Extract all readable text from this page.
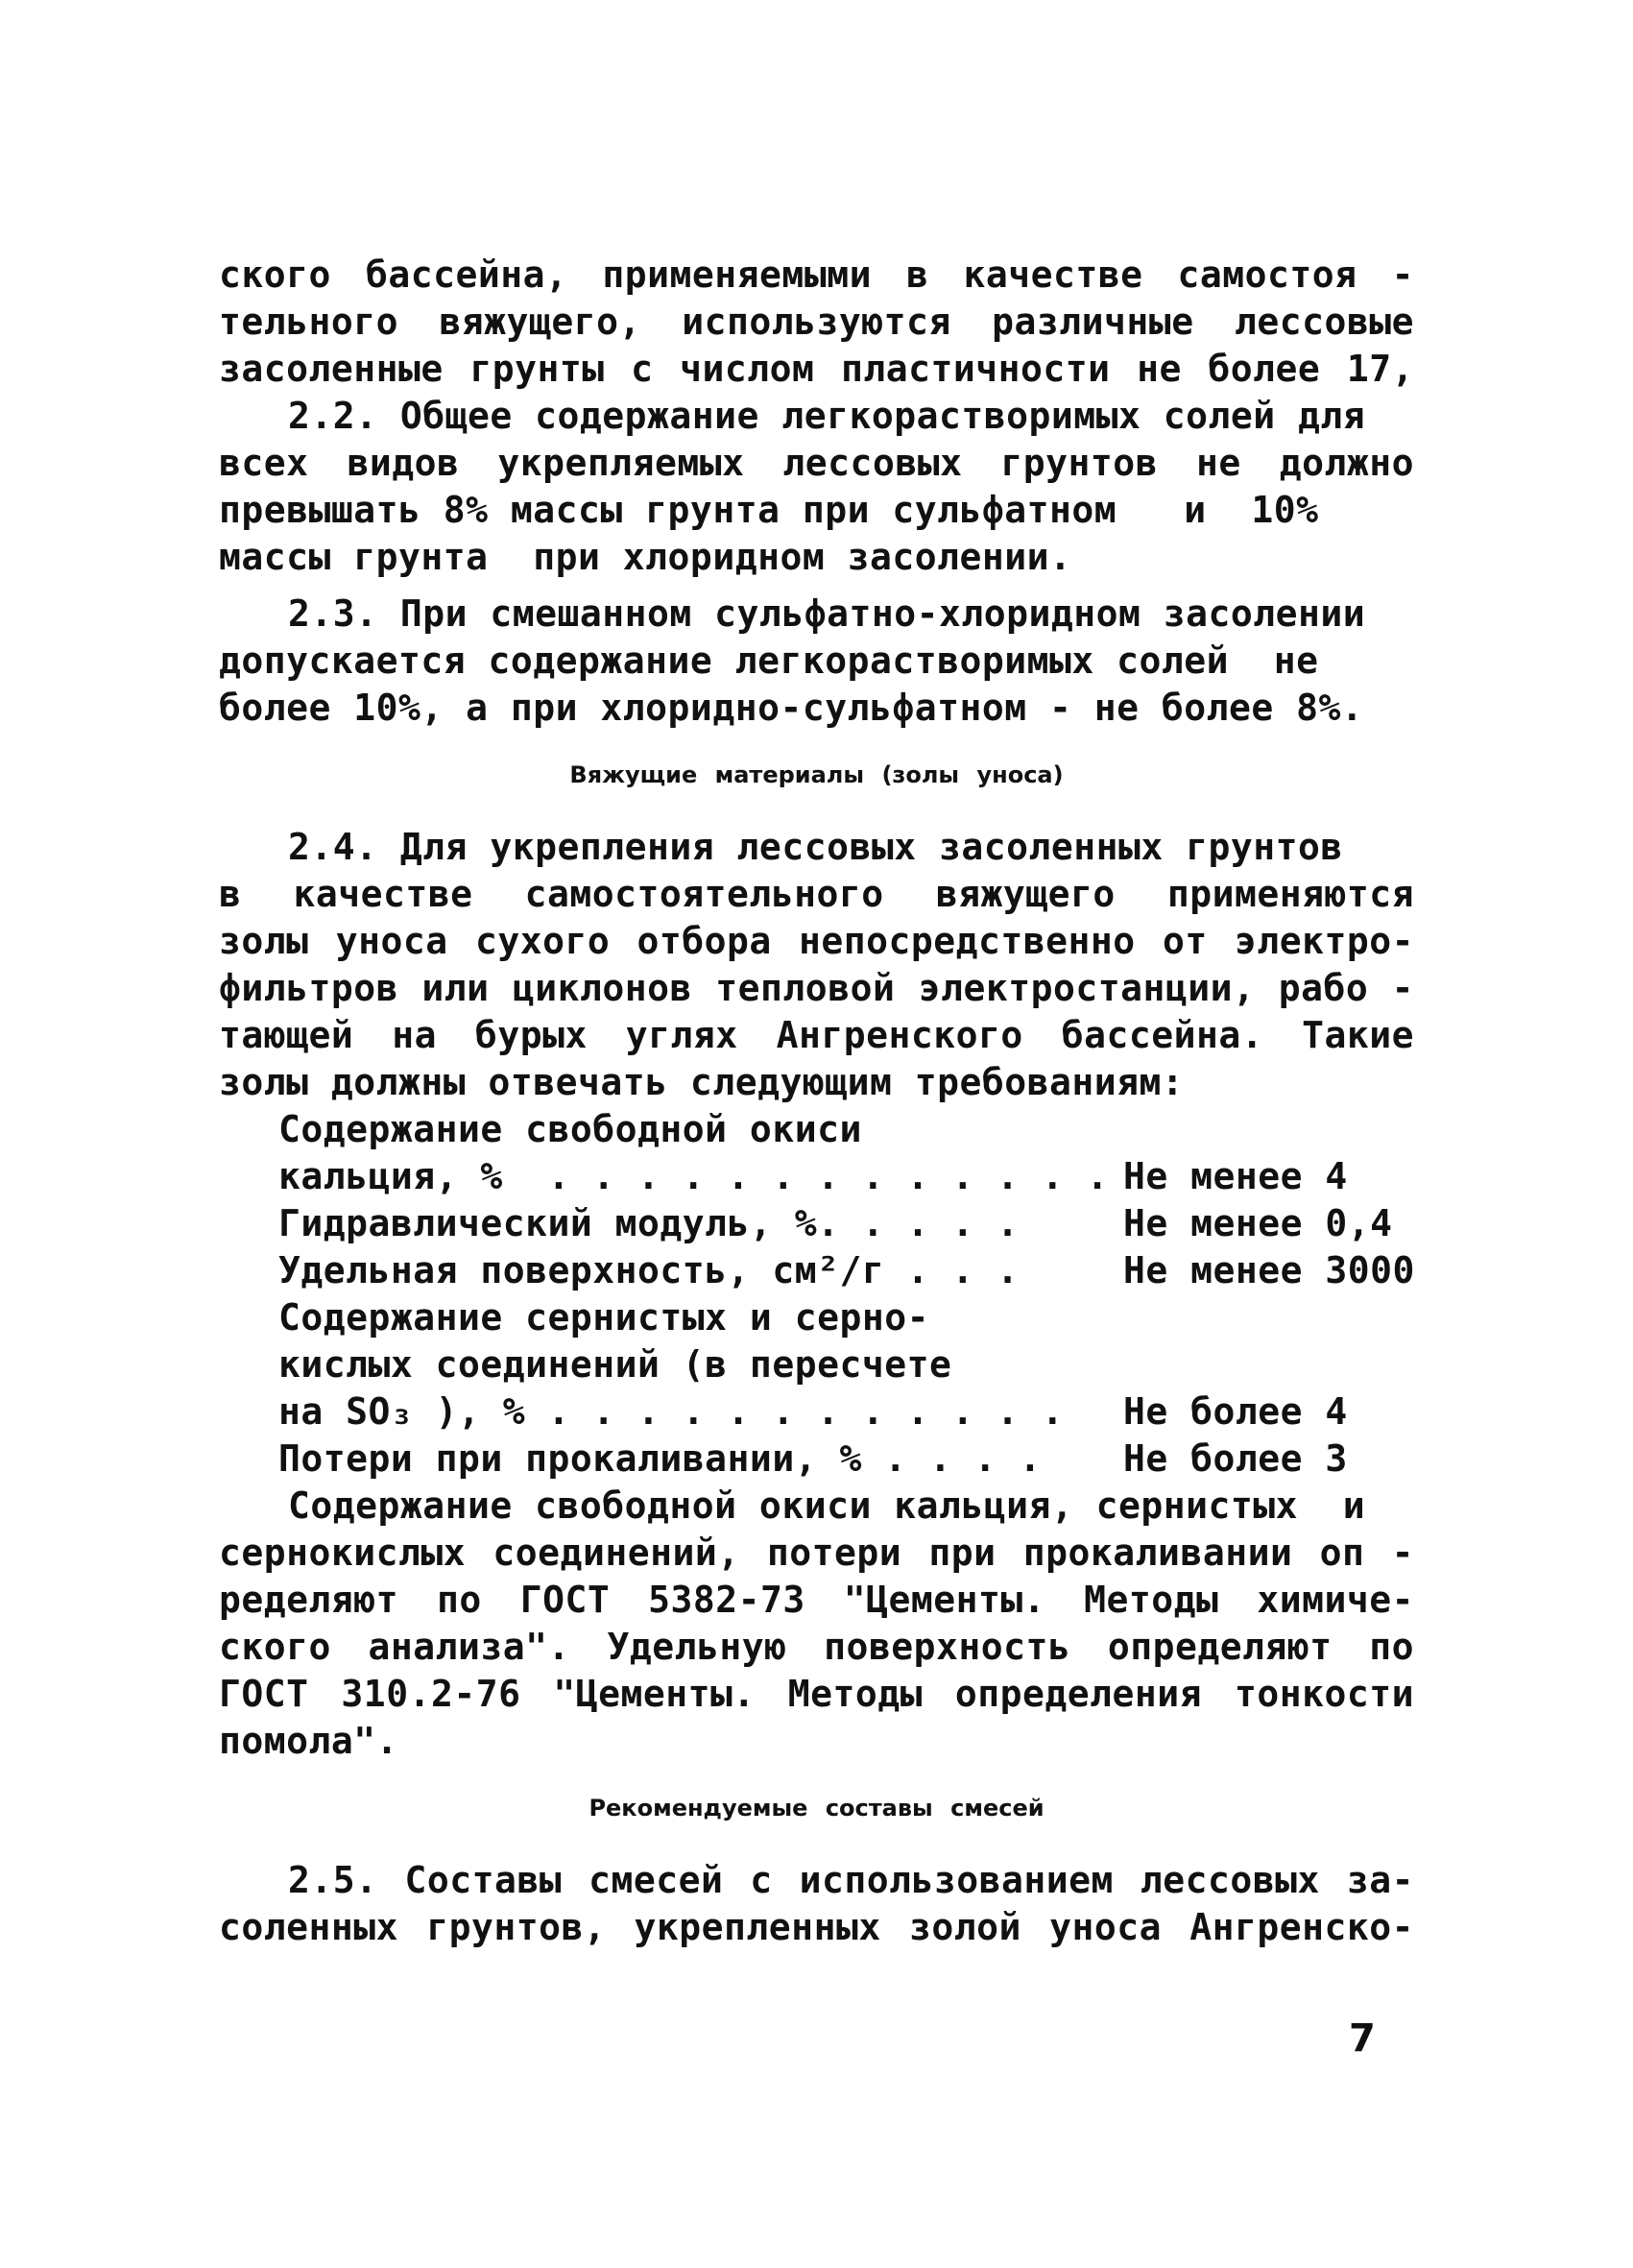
ского бассейна, применяемыми в качестве самостоя -
тельного вяжущего, используются различные лессовые
засоленные грунты с числом пластичности не более 17,
2.2. Общее содержание легкорастворимых солей для
всех видов укрепляемых лессовых грунтов не должно
превышать 8% массы грунта при сульфатном   и  10%
массы грунта  при хлоридном засолении.
2.3. При смешанном сульфатно-хлоридном засолении
допускается содержание легкорастворимых солей  не
более 10%, а при хлоридно-сульфатном - не более 8%.
Вяжущие материалы (золы уноса)
2.4. Для укрепления лессовых засоленных грунтов
в качестве самостоятельного вяжущего применяются
золы уноса сухого отбора непосредственно от электро-
фильтров или циклонов тепловой электростанции, рабо -
тающей на бурых углях Ангренского бассейна. Такие
золы должны отвечать следующим требованиям:
Содержание свободной окиси
кальция, % . . . . . . . . . . . . . Не менее 4
Гидравлический модуль, % . . . . .	Не менее 0,4
Удельная поверхность, см²/г . . .	Не менее 3000
Содержание сернистых и серно-
кислых соединений (в пересчете
на SO₃ ), % . . . . . . . . . . . . Не более 4
Потери при прокаливании, % . . . . Не более 3
Содержание свободной окиси кальция, сернистых  и
сернокислых соединений, потери при прокаливании оп -
ределяют по ГОСТ 5382-73 "Цементы. Методы химиче-
ского анализа". Удельную поверхность определяют по
ГОСТ 310.2-76 "Цементы. Методы определения тонкости
помола".
Рекомендуемые составы смесей
2.5. Составы смесей с использованием лессовых за-
соленных грунтов, укрепленных золой уноса Ангренско-
7
